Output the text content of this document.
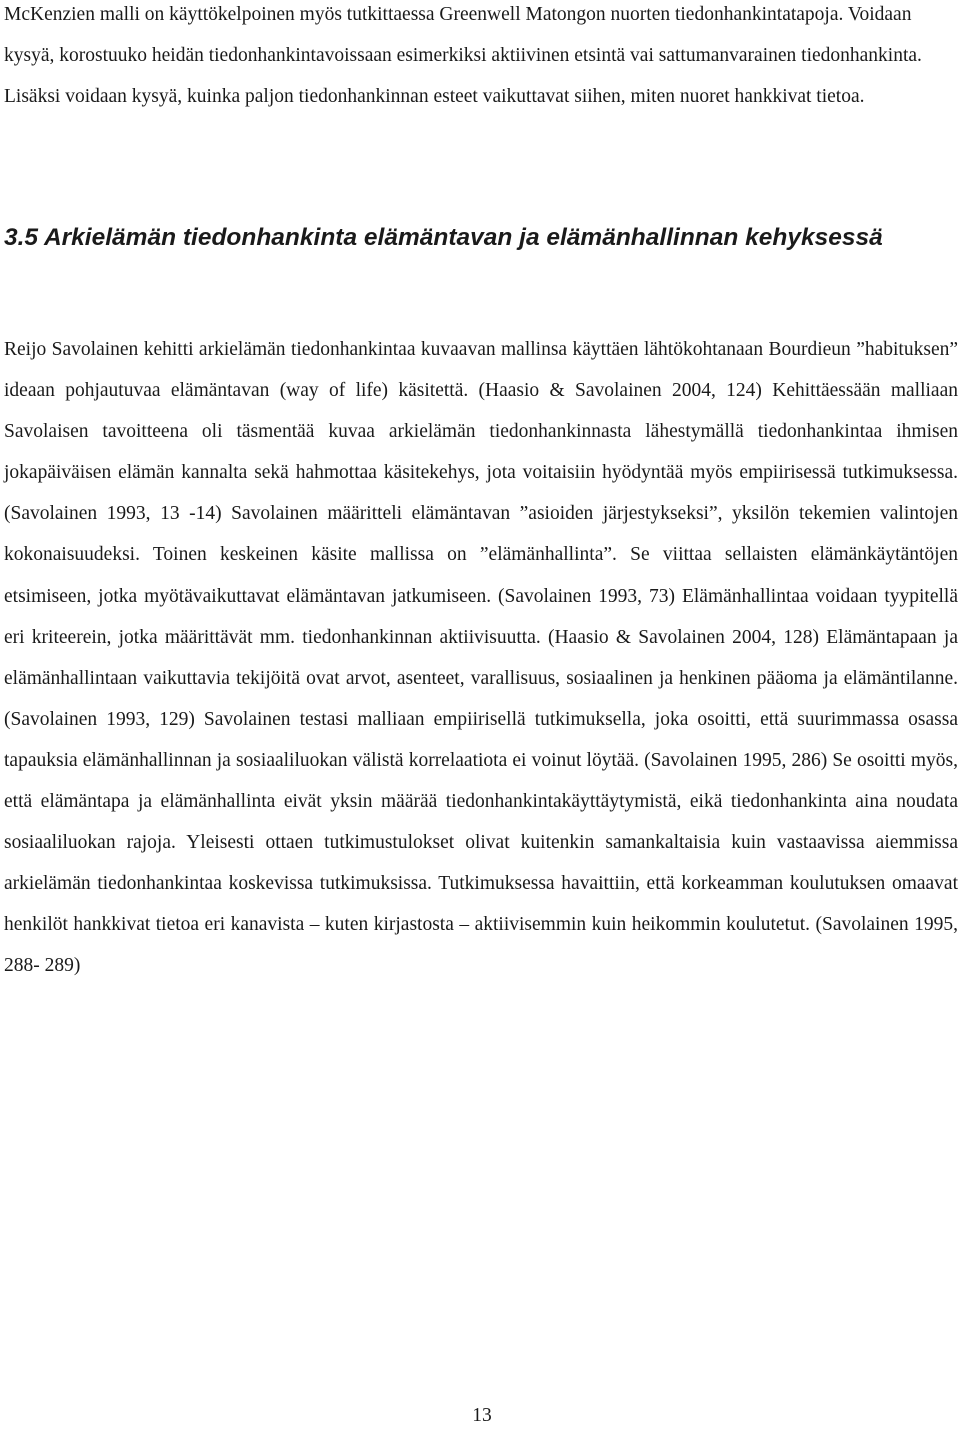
McKenzien malli on käyttökelpoinen myös tutkittaessa Greenwell Matongon nuorten tiedonhankintatapoja. Voidaan kysyä, korostuuko heidän tiedonhankintavoissaan esimerkiksi aktiivinen etsintä vai sattumanvarainen tiedonhankinta. Lisäksi voidaan kysyä, kuinka paljon tiedonhankinnan esteet vaikuttavat siihen, miten nuoret hankkivat tietoa.

3.5 Arkielämän tiedonhankinta elämäntavan ja elämänhallinnan kehyksessä

Reijo Savolainen kehitti arkielämän tiedonhankintaa kuvaavan mallinsa käyttäen lähtökohtanaan Bourdieun ”habituksen” ideaan pohjautuvaa elämäntavan (way of life) käsitettä. (Haasio & Savolainen 2004, 124) Kehittäessään malliaan Savolaisen tavoitteena oli täsmentää kuvaa arkielämän tiedonhankinnasta lähestymällä tiedonhankintaa ihmisen jokapäiväisen elämän kannalta sekä hahmottaa käsitekehys, jota voitaisiin hyödyntää myös empiirisessä tutkimuksessa. (Savolainen 1993, 13 -14) Savolainen määritteli elämäntavan ”asioiden järjestykseksi”, yksilön tekemien valintojen kokonaisuudeksi. Toinen keskeinen käsite mallissa on ”elämänhallinta”. Se viittaa sellaisten elämänkäytäntöjen etsimiseen, jotka myötävaikuttavat elämäntavan jatkumiseen. (Savolainen 1993, 73) Elämänhallintaa voidaan tyypitellä eri kriteerein, jotka määrittävät mm. tiedonhankinnan aktiivisuutta. (Haasio & Savolainen 2004, 128) Elämäntapaan ja elämänhallintaan vaikuttavia tekijöitä ovat arvot, asenteet, varallisuus, sosiaalinen ja henkinen pääoma ja elämäntilanne. (Savolainen 1993, 129) Savolainen testasi malliaan empiirisellä tutkimuksella, joka osoitti, että suurimmassa osassa tapauksia elämänhallinnan ja sosiaaliluokan välistä korrelaatiota ei voinut löytää. (Savolainen 1995, 286) Se osoitti myös, että elämäntapa ja elämänhallinta eivät yksin määrää tiedonhankintakäyttäytymistä, eikä tiedonhankinta aina noudata sosiaaliluokan rajoja. Yleisesti ottaen tutkimustulokset olivat kuitenkin samankaltaisia kuin vastaavissa aiemmissa arkielämän tiedonhankintaa koskevissa tutkimuksissa. Tutkimuksessa havaittiin, että korkeamman koulutuksen omaavat henkilöt hankkivat tietoa eri kanavista – kuten kirjastosta – aktiivisemmin kuin heikommin koulutetut. (Savolainen 1995, 288- 289)

13
